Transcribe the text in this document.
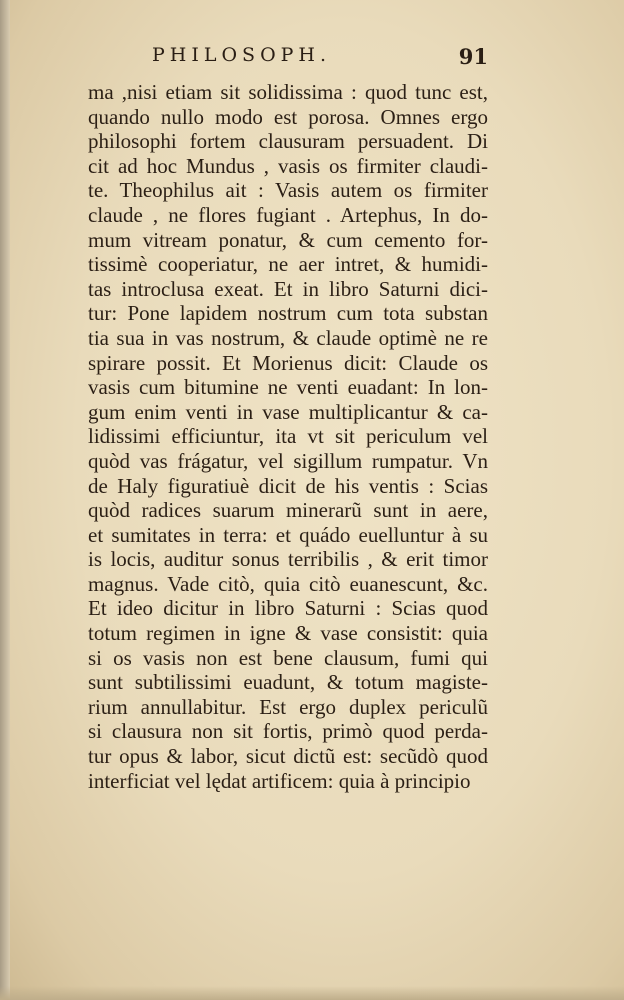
PHILOSOPH.	91
ma ,nisi etiam sit solidissima : quod tunc est,
quando nullo modo est porosa. Omnes ergo
philosophi fortem clausuram persuadent. Di
cit ad hoc Mundus , vasis os firmiter claudi-
te. Theophilus ait : Vasis autem os firmiter
claude , ne flores fugiant . Artephus, In do-
mum vitream ponatur, & cum cemento for-
tissimè cooperiatur, ne aer intret, & humidi-
tas introclusa exeat. Et in libro Saturni dici-
tur: Pone lapidem nostrum cum tota substan
tia sua in vas nostrum, & claude optimè ne re
spirare possit. Et Morienus dicit: Claude os
vasis cum bitumine ne venti euadant: In lon-
gum enim venti in vase multiplicantur & ca-
lidissimi efficiuntur, ita vt sit periculum vel
quòd vas frágatur, vel sigillum rumpatur. Vn
de Haly figuratiuè dicit de his ventis : Scias
quòd radices suarum minerarũ sunt in aere,
et sumitates in terra: et quádo euelluntur à su
is locis, auditur sonus terribilis , & erit timor
magnus. Vade citò, quia citò euanescunt, &c.
Et ideo dicitur in libro Saturni : Scias quod
totum regimen in igne & vase consistit: quia
si os vasis non est bene clausum, fumi qui
sunt subtilissimi euadunt, & totum magiste-
rium annullabitur. Est ergo duplex periculũ
si clausura non sit fortis, primò quod perda-
tur opus & labor, sicut dictũ est: secũdò quod
interficiat vel lędat artificem: quia à principio
